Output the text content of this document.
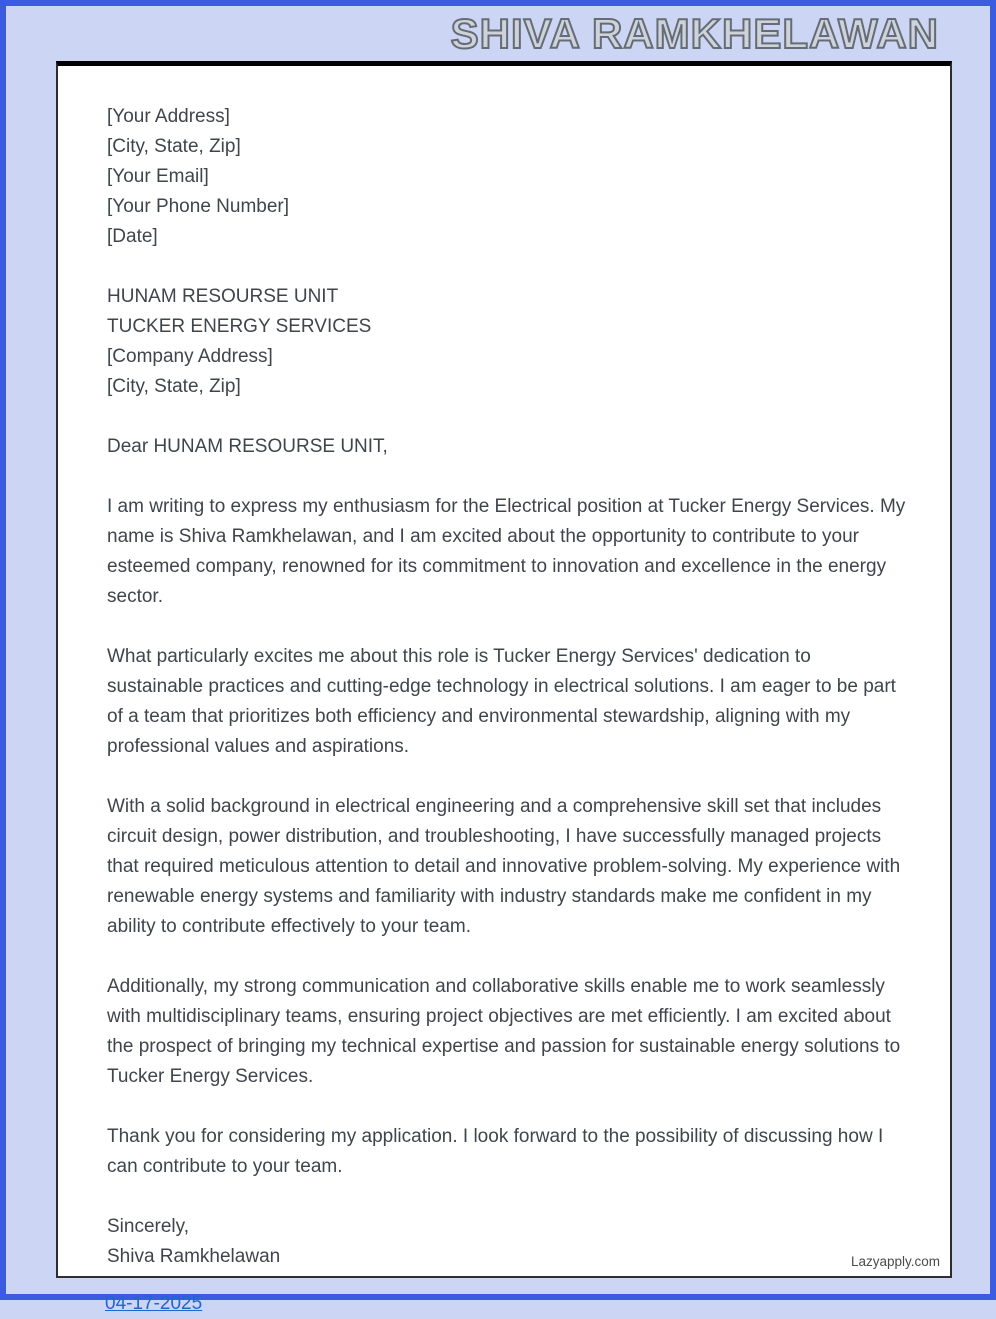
SHIVA RAMKHELAWAN
[Your Address]
[City, State, Zip]
[Your Email]
[Your Phone Number]
[Date]
HUNAM RESOURSE UNIT
TUCKER ENERGY SERVICES
[Company Address]
[City, State, Zip]
Dear HUNAM RESOURSE UNIT,

I am writing to express my enthusiasm for the Electrical position at Tucker Energy Services. My name is Shiva Ramkhelawan, and I am excited about the opportunity to contribute to your esteemed company, renowned for its commitment to innovation and excellence in the energy sector.

What particularly excites me about this role is Tucker Energy Services' dedication to sustainable practices and cutting-edge technology in electrical solutions. I am eager to be part of a team that prioritizes both efficiency and environmental stewardship, aligning with my professional values and aspirations.

With a solid background in electrical engineering and a comprehensive skill set that includes circuit design, power distribution, and troubleshooting, I have successfully managed projects that required meticulous attention to detail and innovative problem-solving. My experience with renewable energy systems and familiarity with industry standards make me confident in my ability to contribute effectively to your team.

Additionally, my strong communication and collaborative skills enable me to work seamlessly with multidisciplinary teams, ensuring project objectives are met efficiently. I am excited about the prospect of bringing my technical expertise and passion for sustainable energy solutions to Tucker Energy Services.

Thank you for considering my application. I look forward to the possibility of discussing how I can contribute to your team.

Sincerely,
Shiva Ramkhelawan	Lazyapply.com
04-17-2025
